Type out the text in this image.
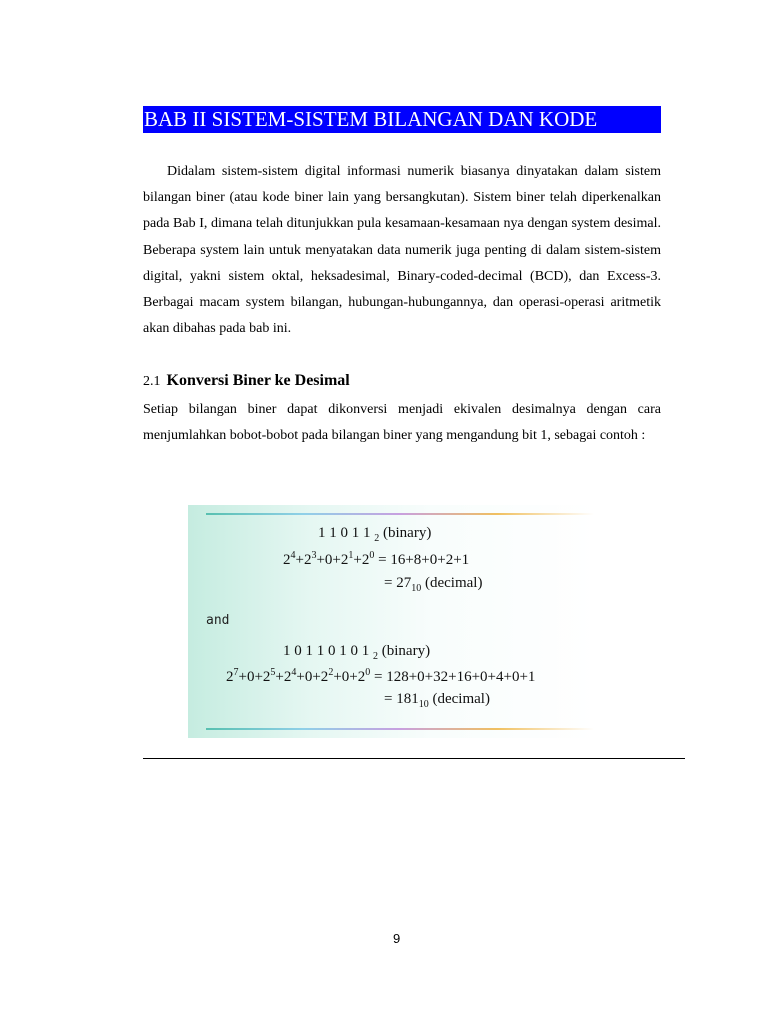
BAB II SISTEM-SISTEM BILANGAN DAN KODE

Didalam sistem-sistem digital informasi numerik biasanya dinyatakan dalam sistem bilangan biner (atau kode biner lain yang bersangkutan). Sistem biner telah diperkenalkan pada Bab I, dimana telah ditunjukkan pula kesamaan-kesamaan nya dengan system desimal. Beberapa system lain untuk menyatakan data numerik juga penting di dalam sistem-sistem digital, yakni sistem oktal, heksadesimal, Binary-coded-decimal (BCD), dan Excess-3. Berbagai macam system bilangan, hubungan-hubungannya, dan operasi-operasi aritmetik akan dibahas pada bab ini.

2.1 Konversi Biner ke Desimal

Setiap bilangan biner dapat dikonversi menjadi ekivalen desimalnya dengan cara menjumlahkan bobot-bobot pada bilangan biner yang mengandung bit 1, sebagai contoh :

1 1 0 1 1 $_2$ (binary)
$2^4+2^3+0+2^1+2^0 = 16+8+0+2+1$
= $27_{10}$ (decimal)
and
1 0 1 1 0 1 0 1 $_2$ (binary)
$2^7+0+2^5+2^4+0+2^2+0+2^0 = 128+0+32+16+0+4+0+1$
= $181_{10}$ (decimal)
9
